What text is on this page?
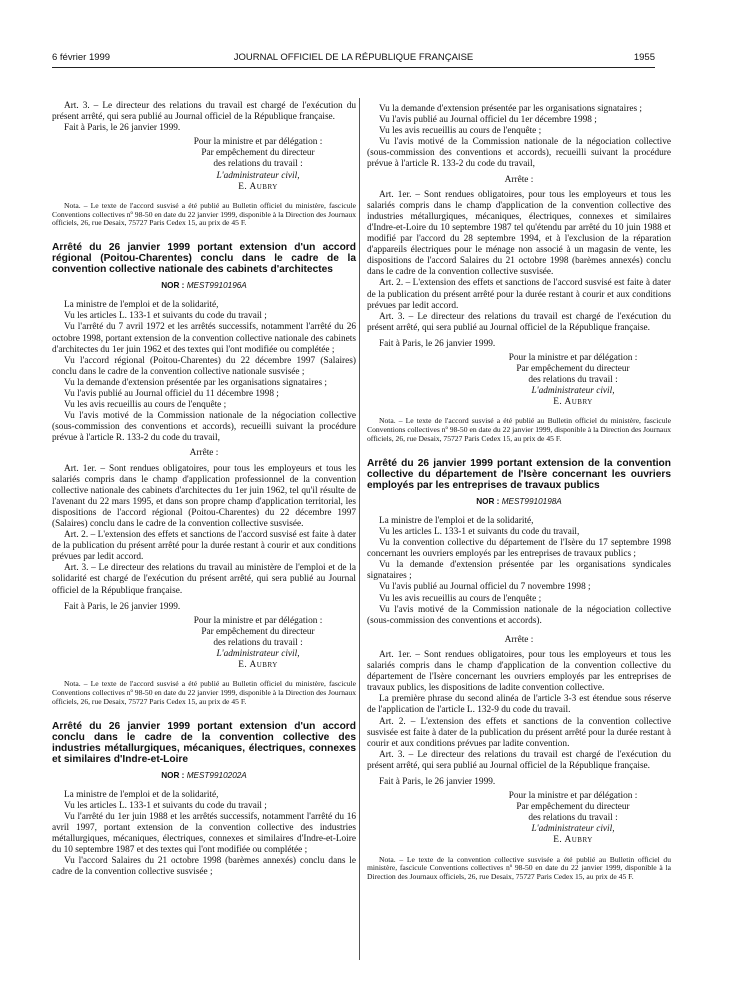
6 février 1999	JOURNAL OFFICIEL DE LA RÉPUBLIQUE FRANÇAISE	1955

Art. 3. – Le directeur des relations du travail est chargé de l'exécution du présent arrêté, qui sera publié au Journal officiel de la République française.

Fait à Paris, le 26 janvier 1999.

Pour la ministre et par délégation :
Par empêchement du directeur
des relations du travail :
L'administrateur civil,
E. Aubry

Nota. – Le texte de l'accord susvisé a été publié au Bulletin officiel du ministère, fascicule Conventions collectives nº 98-50 en date du 22 janvier 1999, disponible à la Direction des Journaux officiels, 26, rue Desaix, 75727 Paris Cedex 15, au prix de 45 F.

Arrêté du 26 janvier 1999 portant extension d'un accord régional (Poitou-Charentes) conclu dans le cadre de la convention collective nationale des cabinets d'architectes

NOR : MEST9910196A

La ministre de l'emploi et de la solidarité,

Vu les articles L. 133-1 et suivants du code du travail ;

Vu l'arrêté du 7 avril 1972 et les arrêtés successifs, notamment l'arrêté du 26 octobre 1998, portant extension de la convention collective nationale des cabinets d'architectes du 1er juin 1962 et des textes qui l'ont modifiée ou complétée ;

Vu l'accord régional (Poitou-Charentes) du 22 décembre 1997 (Salaires) conclu dans le cadre de la convention collective nationale susvisée ;

Vu la demande d'extension présentée par les organisations signataires ;

Vu l'avis publié au Journal officiel du 11 décembre 1998 ;

Vu les avis recueillis au cours de l'enquête ;

Vu l'avis motivé de la Commission nationale de la négociation collective (sous-commission des conventions et accords), recueilli suivant la procédure prévue à l'article R. 133-2 du code du travail,

Arrête :

Art. 1er. – Sont rendues obligatoires, pour tous les employeurs et tous les salariés compris dans le champ d'application professionnel de la convention collective nationale des cabinets d'architectes du 1er juin 1962, tel qu'il résulte de l'avenant du 22 mars 1995, et dans son propre champ d'application territorial, les dispositions de l'accord régional (Poitou-Charentes) du 22 décembre 1997 (Salaires) conclu dans le cadre de la convention collective susvisée.

Art. 2. – L'extension des effets et sanctions de l'accord susvisé est faite à dater de la publication du présent arrêté pour la durée restant à courir et aux conditions prévues par ledit accord.

Art. 3. – Le directeur des relations du travail au ministère de l'emploi et de la solidarité est chargé de l'exécution du présent arrêté, qui sera publié au Journal officiel de la République française.

Fait à Paris, le 26 janvier 1999.

Pour la ministre et par délégation :
Par empêchement du directeur
des relations du travail :
L'administrateur civil,
E. Aubry

Nota. – Le texte de l'accord susvisé a été publié au Bulletin officiel du ministère, fascicule Conventions collectives nº 98-50 en date du 22 janvier 1999, disponible à la Direction des Journaux officiels, 26, rue Desaix, 75727 Paris Cedex 15, au prix de 45 F.

Arrêté du 26 janvier 1999 portant extension d'un accord conclu dans le cadre de la convention collective des industries métallurgiques, mécaniques, électriques, connexes et similaires d'Indre-et-Loire

NOR : MEST9910202A

La ministre de l'emploi et de la solidarité,

Vu les articles L. 133-1 et suivants du code du travail ;

Vu l'arrêté du 1er juin 1988 et les arrêtés successifs, notamment l'arrêté du 16 avril 1997, portant extension de la convention collective des industries métallurgiques, mécaniques, électriques, connexes et similaires d'Indre-et-Loire du 10 septembre 1987 et des textes qui l'ont modifiée ou complétée ;

Vu l'accord Salaires du 21 octobre 1998 (barèmes annexés) conclu dans le cadre de la convention collective susvisée ;

Vu la demande d'extension présentée par les organisations signataires ;

Vu l'avis publié au Journal officiel du 1er décembre 1998 ;

Vu les avis recueillis au cours de l'enquête ;

Vu l'avis motivé de la Commission nationale de la négociation collective (sous-commission des conventions et accords), recueilli suivant la procédure prévue à l'article R. 133-2 du code du travail,

Arrête :

Art. 1er. – Sont rendues obligatoires, pour tous les employeurs et tous les salariés compris dans le champ d'application de la convention collective des industries métallurgiques, mécaniques, électriques, connexes et similaires d'Indre-et-Loire du 10 septembre 1987 tel qu'étendu par arrêté du 10 juin 1988 et modifié par l'accord du 28 septembre 1994, et à l'exclusion de la réparation d'appareils électriques pour le ménage non associé à un magasin de vente, les dispositions de l'accord Salaires du 21 octobre 1998 (barèmes annexés) conclu dans le cadre de la convention collective susvisée.

Art. 2. – L'extension des effets et sanctions de l'accord susvisé est faite à dater de la publication du présent arrêté pour la durée restant à courir et aux conditions prévues par ledit accord.

Art. 3. – Le directeur des relations du travail est chargé de l'exécution du présent arrêté, qui sera publié au Journal officiel de la République française.

Fait à Paris, le 26 janvier 1999.

Pour la ministre et par délégation :
Par empêchement du directeur
des relations du travail :
L'administrateur civil,
E. Aubry

Nota. – Le texte de l'accord susvisé a été publié au Bulletin officiel du ministère, fascicule Conventions collectives nº 98-50 en date du 22 janvier 1999, disponible à la Direction des Journaux officiels, 26, rue Desaix, 75727 Paris Cedex 15, au prix de 45 F.

Arrêté du 26 janvier 1999 portant extension de la convention collective du département de l'Isère concernant les ouvriers employés par les entreprises de travaux publics

NOR : MEST9910198A

La ministre de l'emploi et de la solidarité,

Vu les articles L. 133-1 et suivants du code du travail,

Vu la convention collective du département de l'Isère du 17 septembre 1998 concernant les ouvriers employés par les entreprises de travaux publics ;

Vu la demande d'extension présentée par les organisations syndicales signataires ;

Vu l'avis publié au Journal officiel du 7 novembre 1998 ;

Vu les avis recueillis au cours de l'enquête ;

Vu l'avis motivé de la Commission nationale de la négociation collective (sous-commission des conventions et accords).

Arrête :

Art. 1er. – Sont rendues obligatoires, pour tous les employeurs et tous les salariés compris dans le champ d'application de la convention collective du département de l'Isère concernant les ouvriers employés par les entreprises de travaux publics, les dispositions de ladite convention collective.

La première phrase du second alinéa de l'article 3-3 est étendue sous réserve de l'application de l'article L. 132-9 du code du travail.

Art. 2. – L'extension des effets et sanctions de la convention collective susvisée est faite à dater de la publication du présent arrêté pour la durée restant à courir et aux conditions prévues par ladite convention.

Art. 3. – Le directeur des relations du travail est chargé de l'exécution du présent arrêté, qui sera publié au Journal officiel de la République française.

Fait à Paris, le 26 janvier 1999.

Pour la ministre et par délégation :
Par empêchement du directeur
des relations du travail :
L'administrateur civil,
E. Aubry

Nota. – Le texte de la convention collective susvisée a été publié au Bulletin officiel du ministère, fascicule Conventions collectives nº 98-50 en date du 22 janvier 1999, disponible à la Direction des Journaux officiels, 26, rue Desaix, 75727 Paris Cedex 15, au prix de 45 F.
